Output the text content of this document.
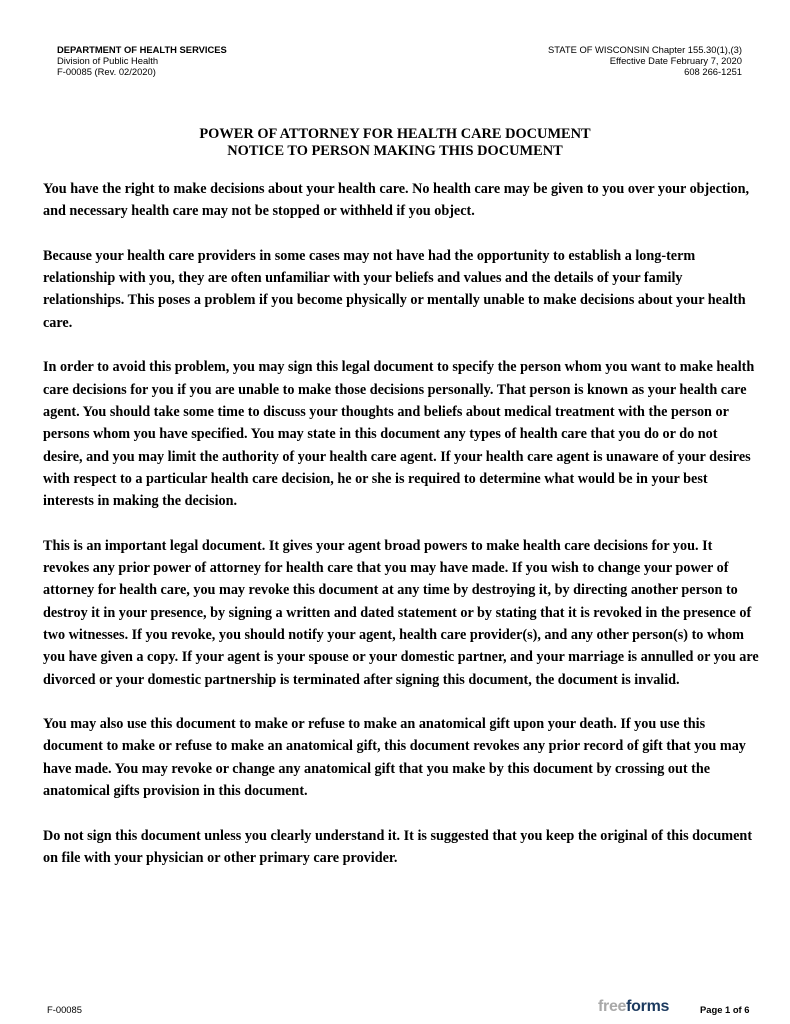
DEPARTMENT OF HEALTH SERVICES
Division of Public Health
F-00085 (Rev. 02/2020)
STATE OF WISCONSIN Chapter 155.30(1),(3)
Effective Date February 7, 2020
608 266-1251
POWER OF ATTORNEY FOR HEALTH CARE DOCUMENT
NOTICE TO PERSON MAKING THIS DOCUMENT

You have the right to make decisions about your health care. No health care may be given to you over your objection, and necessary health care may not be stopped or withheld if you object.

Because your health care providers in some cases may not have had the opportunity to establish a long-term relationship with you, they are often unfamiliar with your beliefs and values and the details of your family relationships. This poses a problem if you become physically or mentally unable to make decisions about your health care.

In order to avoid this problem, you may sign this legal document to specify the person whom you want to make health care decisions for you if you are unable to make those decisions personally. That person is known as your health care agent. You should take some time to discuss your thoughts and beliefs about medical treatment with the person or persons whom you have specified. You may state in this document any types of health care that you do or do not desire, and you may limit the authority of your health care agent. If your health care agent is unaware of your desires with respect to a particular health care decision, he or she is required to determine what would be in your best interests in making the decision.

This is an important legal document. It gives your agent broad powers to make health care decisions for you. It revokes any prior power of attorney for health care that you may have made. If you wish to change your power of attorney for health care, you may revoke this document at any time by destroying it, by directing another person to destroy it in your presence, by signing a written and dated statement or by stating that it is revoked in the presence of two witnesses. If you revoke, you should notify your agent, health care provider(s), and any other person(s) to whom you have given a copy. If your agent is your spouse or your domestic partner, and your marriage is annulled or you are divorced or your domestic partnership is terminated after signing this document, the document is invalid.

You may also use this document to make or refuse to make an anatomical gift upon your death. If you use this document to make or refuse to make an anatomical gift, this document revokes any prior record of gift that you may have made. You may revoke or change any anatomical gift that you make by this document by crossing out the anatomical gifts provision in this document.

Do not sign this document unless you clearly understand it. It is suggested that you keep the original of this document on file with your physician or other primary care provider.

F-00085	freeforms	Page 1 of 6
